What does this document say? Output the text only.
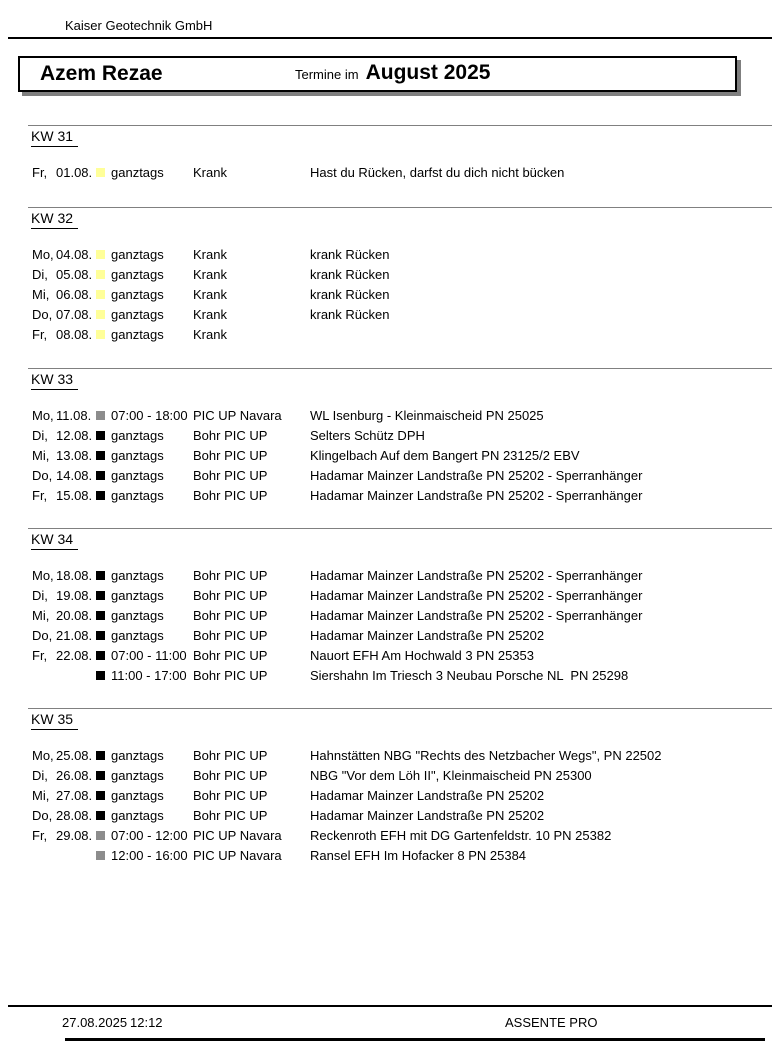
Kaiser Geotechnik GmbH
Azem Rezae	Termine im August 2025
KW 31
Fr, 01.08. ganztags	Krank	Hast du Rücken, darfst du dich nicht bücken
KW 32
Mo, 04.08. ganztags	Krank	krank Rücken
Di, 05.08. ganztags	Krank	krank Rücken
Mi, 06.08. ganztags	Krank	krank Rücken
Do, 07.08. ganztags	Krank	krank Rücken
Fr, 08.08. ganztags	Krank
KW 33
Mo, 11.08.	07:00 - 18:00 PIC UP Navara	WL Isenburg - Kleinmaischeid PN 25025
Di, 12.08. ganztags	Bohr PIC UP	Selters Schütz DPH
Mi, 13.08. ganztags	Bohr PIC UP	Klingelbach Auf dem Bangert PN 23125/2 EBV
Do, 14.08. ganztags	Bohr PIC UP	Hadamar Mainzer Landstraße PN 25202 - Sperranhänger
Fr, 15.08. ganztags	Bohr PIC UP	Hadamar Mainzer Landstraße PN 25202 - Sperranhänger
KW 34
Mo, 18.08. ganztags	Bohr PIC UP	Hadamar Mainzer Landstraße PN 25202 - Sperranhänger
Di, 19.08. ganztags	Bohr PIC UP	Hadamar Mainzer Landstraße PN 25202 - Sperranhänger
Mi, 20.08. ganztags	Bohr PIC UP	Hadamar Mainzer Landstraße PN 25202 - Sperranhänger
Do, 21.08. ganztags	Bohr PIC UP	Hadamar Mainzer Landstraße PN 25202
Fr, 22.08. 07:00 - 11:00 Bohr PIC UP	Nauort EFH Am Hochwald 3 PN 25353
11:00 - 17:00 Bohr PIC UP	Siershahn Im Triesch 3 Neubau Porsche NL  PN 25298
KW 35
Mo, 25.08. ganztags	Bohr PIC UP	Hahnstätten NBG "Rechts des Netzbacher Wegs", PN 22502
Di, 26.08. ganztags	Bohr PIC UP	NBG "Vor dem Löh II", Kleinmaischeid PN 25300
Mi, 27.08. ganztags	Bohr PIC UP	Hadamar Mainzer Landstraße PN 25202
Do, 28.08. ganztags	Bohr PIC UP	Hadamar Mainzer Landstraße PN 25202
Fr, 29.08. 07:00 - 12:00 PIC UP Navara	Reckenroth EFH mit DG Gartenfeldstr. 10 PN 25382
12:00 - 16:00 PIC UP Navara	Ransel EFH Im Hofacker 8 PN 25384
27.08.2025 12:12	ASSENTE PRO
